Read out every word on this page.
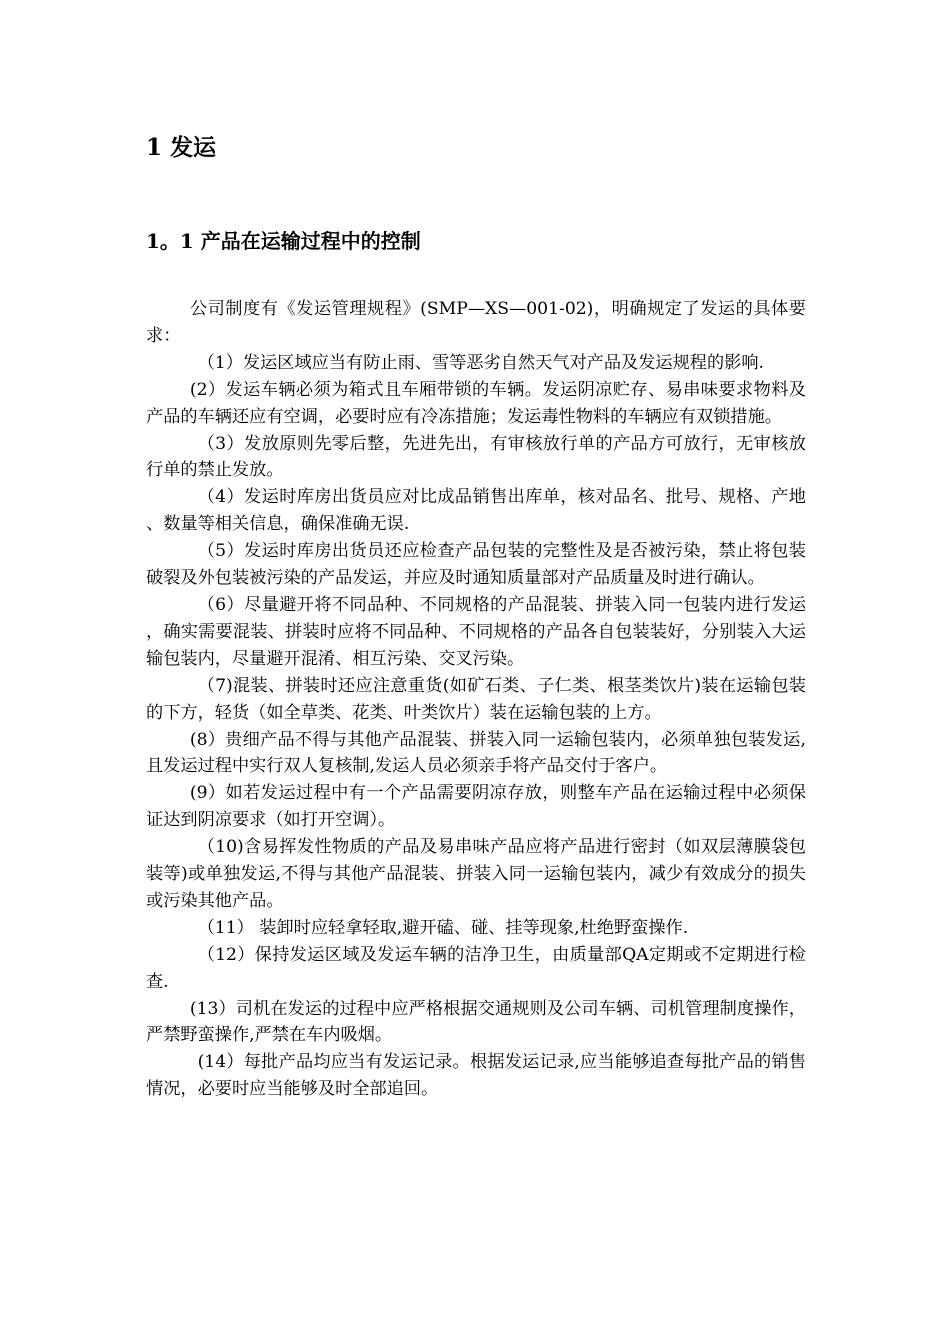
1 发运
1。1 产品在运输过程中的控制

公司制度有《发运管理规程》(SMP—XS—001-02)，明确规定了发运的具体要求：

（1）发运区域应当有防止雨、雪等恶劣自然天气对产品及发运规程的影响.

(2）发运车辆必须为箱式且车厢带锁的车辆。发运阴凉贮存、易串味要求物料及产品的车辆还应有空调，必要时应有冷冻措施；发运毒性物料的车辆应有双锁措施。

（3）发放原则先零后整，先进先出，有审核放行单的产品方可放行，无审核放行单的禁止发放。

（4）发运时库房出货员应对比成品销售出库单，核对品名、批号、规格、产地、数量等相关信息，确保准确无误.

（5）发运时库房出货员还应检查产品包装的完整性及是否被污染，禁止将包装破裂及外包装被污染的产品发运，并应及时通知质量部对产品质量及时进行确认。

（6）尽量避开将不同品种、不同规格的产品混装、拼装入同一包装内进行发运，确实需要混装、拼装时应将不同品种、不同规格的产品各自包装装好，分别装入大运输包装内，尽量避开混淆、相互污染、交叉污染。

（7)混装、拼装时还应注意重货(如矿石类、子仁类、根茎类饮片)装在运输包装的下方，轻货（如全草类、花类、叶类饮片）装在运输包装的上方。

(8）贵细产品不得与其他产品混装、拼装入同一运输包装内，必须单独包装发运,且发运过程中实行双人复核制,发运人员必须亲手将产品交付于客户。

(9）如若发运过程中有一个产品需要阴凉存放，则整车产品在运输过程中必须保证达到阴凉要求（如打开空调）。

（10)含易挥发性物质的产品及易串味产品应将产品进行密封（如双层薄膜袋包装等)或单独发运,不得与其他产品混装、拼装入同一运输包装内，减少有效成分的损失或污染其他产品。

（11） 装卸时应轻拿轻取,避开磕、碰、挂等现象,杜绝野蛮操作.

（12）保持发运区域及发运车辆的洁净卫生，由质量部QA定期或不定期进行检查.

(13）司机在发运的过程中应严格根据交通规则及公司车辆、司机管理制度操作，严禁野蛮操作,严禁在车内吸烟。

(14）每批产品均应当有发运记录。根据发运记录,应当能够追查每批产品的销售情况，必要时应当能够及时全部追回。
